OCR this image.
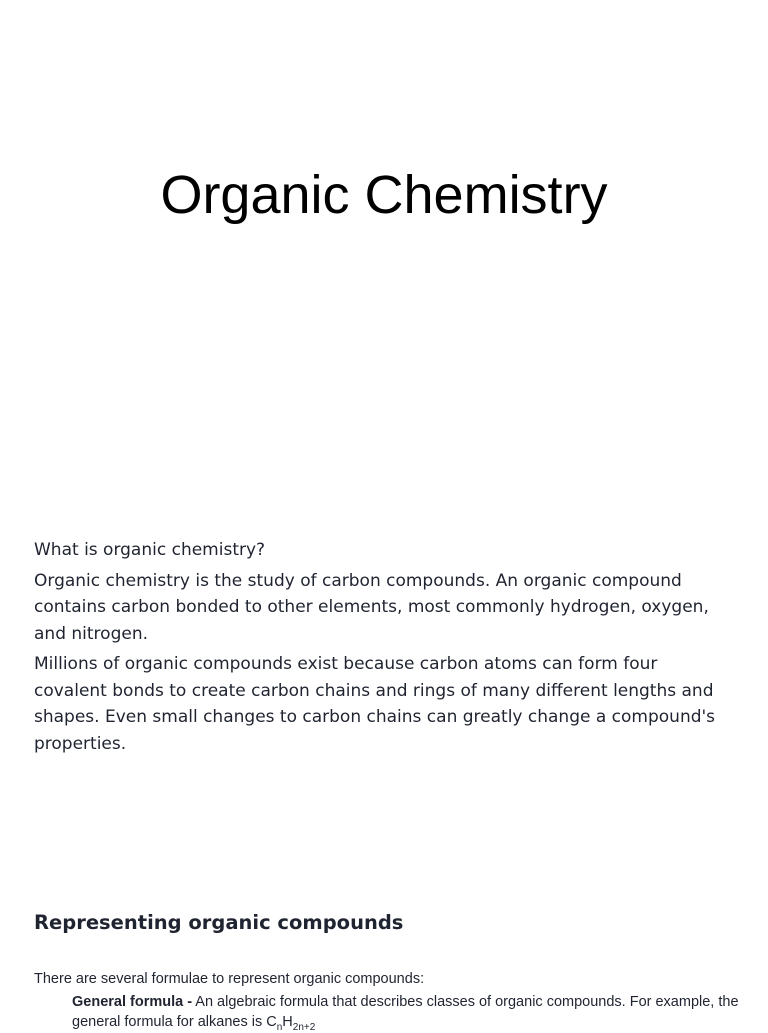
Organic Chemistry

What is organic chemistry?

Organic chemistry is the study of carbon compounds. An organic compound contains carbon bonded to other elements, most commonly hydrogen, oxygen, and nitrogen.

Millions of organic compounds exist because carbon atoms can form four covalent bonds to create carbon chains and rings of many different lengths and shapes. Even small changes to carbon chains can greatly change a compound's properties.

Representing organic compounds

There are several formulae to represent organic compounds:

General formula - An algebraic formula that describes classes of organic compounds. For example, the general formula for alkanes is $C_nH_{2n+2}$
